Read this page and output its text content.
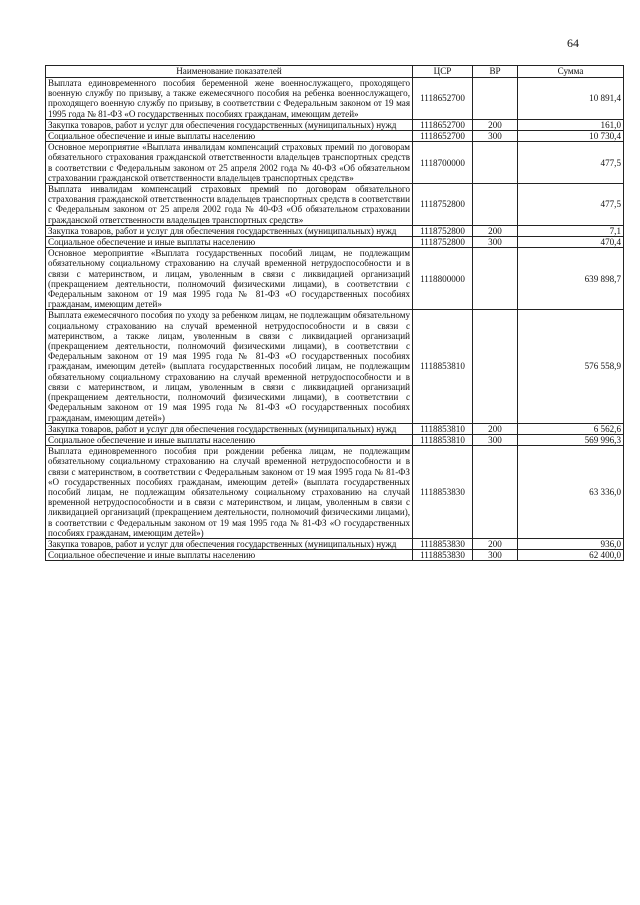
64
Наименование показателей	ЦСР	ВР	Сумма
Выплата единовременного пособия беременной жене военнослужащего, проходящего военную службу по призыву, а также ежемесячного пособия на ребенка военнослужащего, проходящего военную службу по призыву, в соответствии с Федеральным законом от 19 мая 1995 года № 81-ФЗ «О государственных пособиях гражданам, имеющим детей»	1118652700		10 891,4
Закупка товаров, работ и услуг для обеспечения государственных (муниципальных) нужд	1118652700	200	161,0
Социальное обеспечение и иные выплаты населению	1118652700	300	10 730,4
Основное мероприятие «Выплата инвалидам компенсаций страховых премий по договорам обязательного страхования гражданской ответственности владельцев транспортных средств в соответствии с Федеральным законом от 25 апреля 2002 года № 40-ФЗ «Об обязательном страховании гражданской ответственности владельцев транспортных средств»	1118700000		477,5
Выплата инвалидам компенсаций страховых премий по договорам обязательного страхования гражданской ответственности владельцев транспортных средств в соответствии с Федеральным законом от 25 апреля 2002 года № 40-ФЗ «Об обязательном страховании гражданской ответственности владельцев транспортных средств»	1118752800		477,5
Закупка товаров, работ и услуг для обеспечения государственных (муниципальных) нужд	1118752800	200	7,1
Социальное обеспечение и иные выплаты населению	1118752800	300	470,4
Основное мероприятие «Выплата государственных пособий лицам, не подлежащим обязательному социальному страхованию на случай временной нетрудоспособности и в связи с материнством, и лицам, уволенным в связи с ликвидацией организаций (прекращением деятельности, полномочий физическими лицами), в соответствии с Федеральным законом от 19 мая 1995 года № 81-ФЗ «О государственных пособиях гражданам, имеющим детей»	1118800000		639 898,7
Выплата ежемесячного пособия по уходу за ребенком лицам, не подлежащим обязательному социальному страхованию на случай временной нетрудоспособности и в связи с материнством, а также лицам, уволенным в связи с ликвидацией организаций (прекращением деятельности, полномочий физическими лицами), в соответствии с Федеральным законом от 19 мая 1995 года № 81-ФЗ «О государственных пособиях гражданам, имеющим детей» (выплата государственных пособий лицам, не подлежащим обязательному социальному страхованию на случай временной нетрудоспособности и в связи с материнством, и лицам, уволенным в связи с ликвидацией организаций (прекращением деятельности, полномочий физическими лицами), в соответствии с Федеральным законом от 19 мая 1995 года № 81-ФЗ «О государственных пособиях гражданам, имеющим детей»)	1118853810		576 558,9
Закупка товаров, работ и услуг для обеспечения государственных (муниципальных) нужд	1118853810	200	6 562,6
Социальное обеспечение и иные выплаты населению	1118853810	300	569 996,3
Выплата единовременного пособия при рождении ребенка лицам, не подлежащим обязательному социальному страхованию на случай временной нетрудоспособности и в связи с материнством, в соответствии с Федеральным законом от 19 мая 1995 года № 81-ФЗ «О государственных пособиях гражданам, имеющим детей» (выплата государственных пособий лицам, не подлежащим обязательному социальному страхованию на случай временной нетрудоспособности и в связи с материнством, и лицам, уволенным в связи с ликвидацией организаций (прекращением деятельности, полномочий физическими лицами), в соответствии с Федеральным законом от 19 мая 1995 года № 81-ФЗ «О государственных пособиях гражданам, имеющим детей»)	1118853830		63 336,0
Закупка товаров, работ и услуг для обеспечения государственных (муниципальных) нужд	1118853830	200	936,0
Социальное обеспечение и иные выплаты населению	1118853830	300	62 400,0
